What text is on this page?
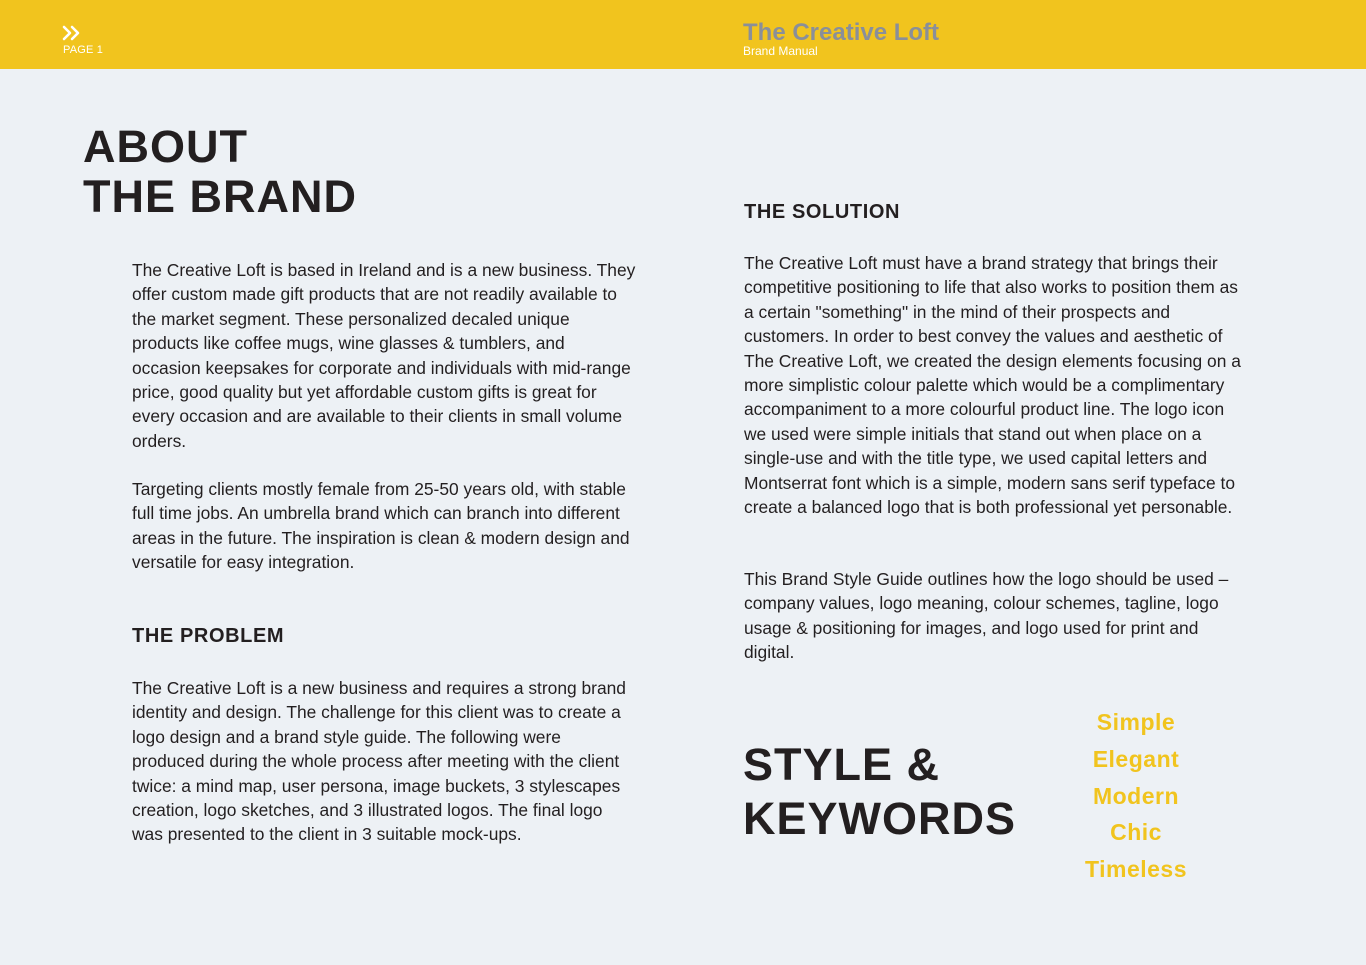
PAGE 1
The Creative Loft
Brand Manual
ABOUT
THE BRAND

The Creative Loft is based in Ireland and is a new business. They offer custom made gift products that are not readily available to the market segment. These personalized decaled unique products like coffee mugs, wine glasses & tumblers, and occasion keepsakes for corporate and individuals with mid-range price, good quality but yet affordable custom gifts is great for every occasion and are available to their clients in small volume orders.

Targeting clients mostly female from 25-50 years old, with stable full time jobs. An umbrella brand which can branch into different areas in the future. The inspiration is clean & modern design and versatile for easy integration.

THE PROBLEM

The Creative Loft is a new business and requires a strong brand identity and design. The challenge for this client was to create a logo design and a brand style guide. The following were produced during the whole process after meeting with the client twice: a mind map, user persona, image buckets, 3 stylescapes creation, logo sketches, and 3 illustrated logos. The final logo was presented to the client in 3 suitable mock-ups.

THE SOLUTION

The Creative Loft must have a brand strategy that brings their competitive positioning to life that also works to position them as a certain "something" in the mind of their prospects and customers. In order to best convey the values and aesthetic of The Creative Loft, we created the design elements focusing on a more simplistic colour palette which would be a complimentary accompaniment to a more colourful product line. The logo icon we used were simple initials that stand out when place on a single-use and with the title type, we used capital letters and Montserrat font which is a simple, modern sans serif typeface to create a balanced logo that is both professional yet personable.

This Brand Style Guide outlines how the logo should be used – company values, logo meaning, colour schemes, tagline, logo usage & positioning for images, and logo used for print and digital.

STYLE &
KEYWORDS
Simple
Elegant
Modern
Chic
Timeless
